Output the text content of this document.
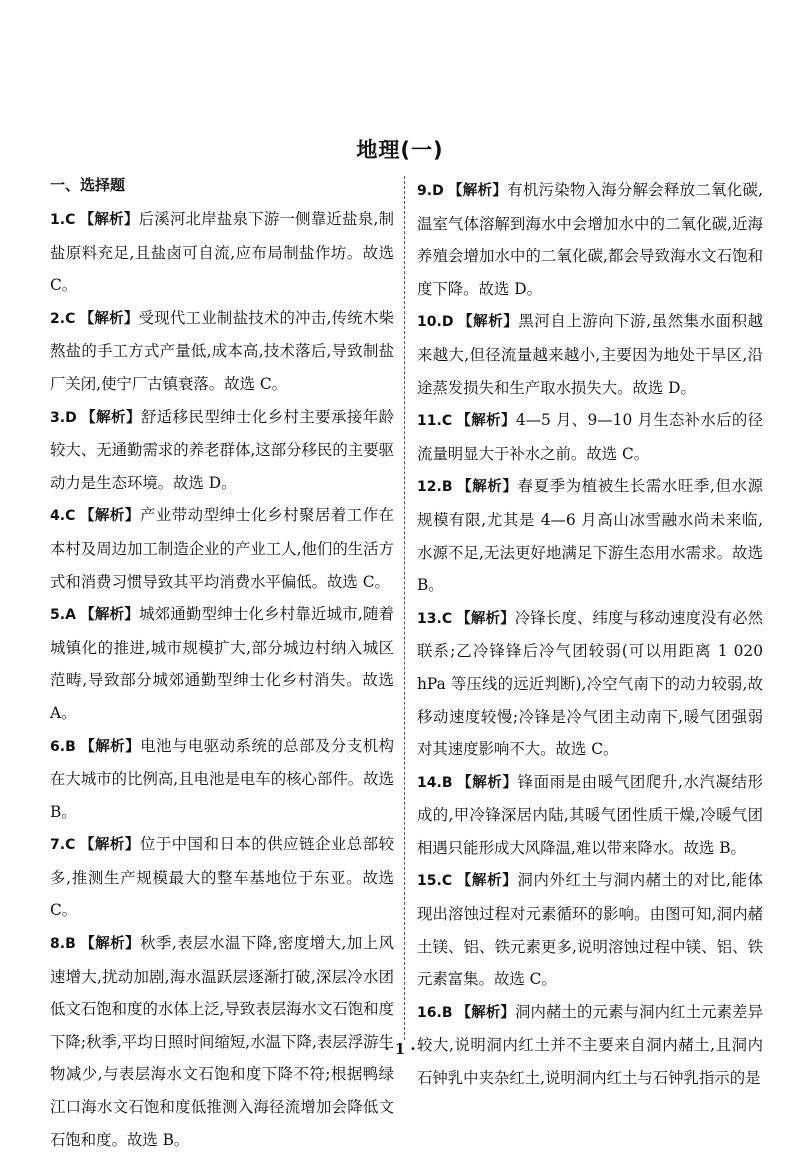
地理(一)
一、选择题

1.C 【解析】后溪河北岸盐泉下游一侧靠近盐泉,制盐原料充足,且盐卤可自流,应布局制盐作坊。故选 C。

2.C 【解析】受现代工业制盐技术的冲击,传统木柴熬盐的手工方式产量低,成本高,技术落后,导致制盐厂关闭,使宁厂古镇衰落。故选 C。

3.D 【解析】舒适移民型绅士化乡村主要承接年龄较大、无通勤需求的养老群体,这部分移民的主要驱动力是生态环境。故选 D。

4.C 【解析】产业带动型绅士化乡村聚居着工作在本村及周边加工制造企业的产业工人,他们的生活方式和消费习惯导致其平均消费水平偏低。故选 C。

5.A 【解析】城郊通勤型绅士化乡村靠近城市,随着城镇化的推进,城市规模扩大,部分城边村纳入城区范畴,导致部分城郊通勤型绅士化乡村消失。故选 A。

6.B 【解析】电池与电驱动系统的总部及分支机构在大城市的比例高,且电池是电车的核心部件。故选 B。

7.C 【解析】位于中国和日本的供应链企业总部较多,推测生产规模最大的整车基地位于东亚。故选 C。

8.B 【解析】秋季,表层水温下降,密度增大,加上风速增大,扰动加剧,海水温跃层逐渐打破,深层冷水团低文石饱和度的水体上泛,导致表层海水文石饱和度下降;秋季,平均日照时间缩短,水温下降,表层浮游生物减少,与表层海水文石饱和度下降不符;根据鸭绿江口海水文石饱和度低推测入海径流增加会降低文石饱和度。故选 B。

9.D 【解析】有机污染物入海分解会释放二氧化碳,温室气体溶解到海水中会增加水中的二氧化碳,近海养殖会增加水中的二氧化碳,都会导致海水文石饱和度下降。故选 D。

10.D 【解析】黑河自上游向下游,虽然集水面积越来越大,但径流量越来越小,主要因为地处干旱区,沿途蒸发损失和生产取水损失大。故选 D。

11.C 【解析】4—5 月、9—10 月生态补水后的径流量明显大于补水之前。故选 C。

12.B 【解析】春夏季为植被生长需水旺季,但水源规模有限,尤其是 4—6 月高山冰雪融水尚未来临,水源不足,无法更好地满足下游生态用水需求。故选 B。

13.C 【解析】冷锋长度、纬度与移动速度没有必然联系;乙冷锋锋后冷气团较弱(可以用距离 1 020 hPa 等压线的远近判断),冷空气南下的动力较弱,故移动速度较慢;冷锋是冷气团主动南下,暖气团强弱对其速度影响不大。故选 C。

14.B 【解析】锋面雨是由暖气团爬升,水汽凝结形成的,甲冷锋深居内陆,其暖气团性质干燥,冷暖气团相遇只能形成大风降温,难以带来降水。故选 B。

15.C 【解析】洞内外红土与洞内赭土的对比,能体现出溶蚀过程对元素循环的影响。由图可知,洞内赭土镁、铝、铁元素更多,说明溶蚀过程中镁、铝、铁元素富集。故选 C。

16.B 【解析】洞内赭土的元素与洞内红土元素差异较大,说明洞内红土并不主要来自洞内赭土,且洞内石钟乳中夹杂红土,说明洞内红土与石钟乳指示的是

· 1 ·
